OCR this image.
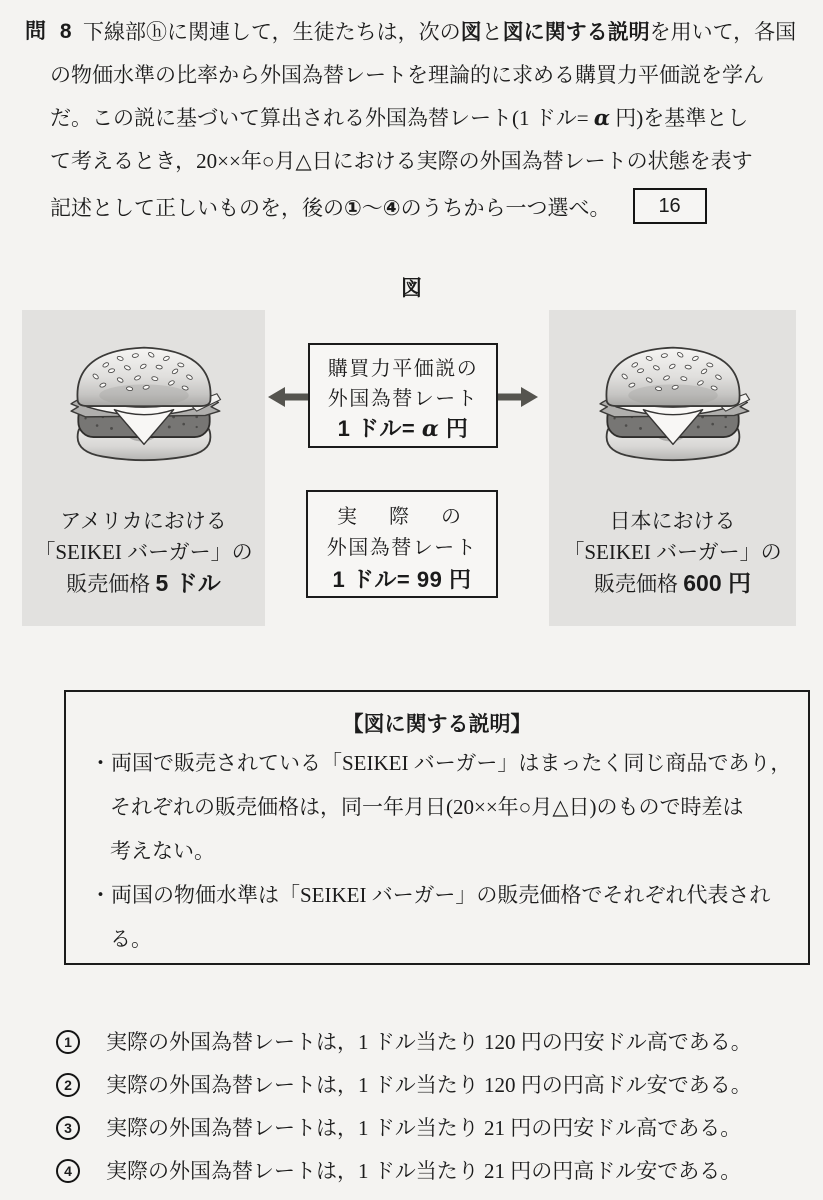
問 8 下線部ⓗに関連して，生徒たちは，次の図と図に関する説明を用いて，各国
の物価水準の比率から外国為替レートを理論的に求める購買力平価説を学ん
だ。この説に基づいて算出される外国為替レート(1 ドル= α 円)を基準とし
て考えるとき，20××年○月△日における実際の外国為替レートの状態を表す
記述として正しいものを，後の①～④のうちから一つ選べ。 16
図
アメリカにおける
「SEIKEI バーガー」の
販売価格 5 ドル
日本における
「SEIKEI バーガー」の
販売価格 600 円
購買力平価説の
外国為替レート
1 ドル= α 円
実　際　の
外国為替レート
1 ドル= 99 円
【図に関する説明】
・両国で販売されている「SEIKEI バーガー」はまったく同じ商品であり，
それぞれの販売価格は，同一年月日(20××年○月△日)のもので時差は
考えない。
・両国の物価水準は「SEIKEI バーガー」の販売価格でそれぞれ代表され
る。
1	実際の外国為替レートは，1 ドル当たり 120 円の円安ドル高である。
2	実際の外国為替レートは，1 ドル当たり 120 円の円高ドル安である。
3	実際の外国為替レートは，1 ドル当たり 21 円の円安ドル高である。
4	実際の外国為替レートは，1 ドル当たり 21 円の円高ドル安である。
